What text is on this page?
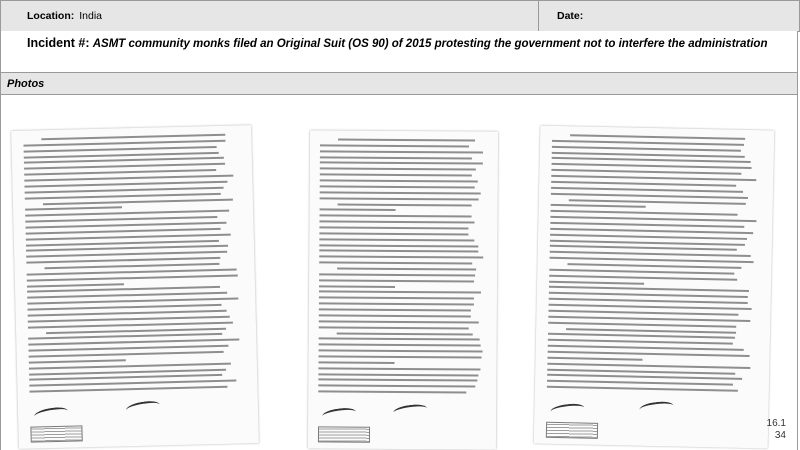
Location: India	Date:
Incident #: ASMT community monks filed an Original Suit (OS 90) of 2015 protesting the government not to interfere the administration
Photos
16.134
